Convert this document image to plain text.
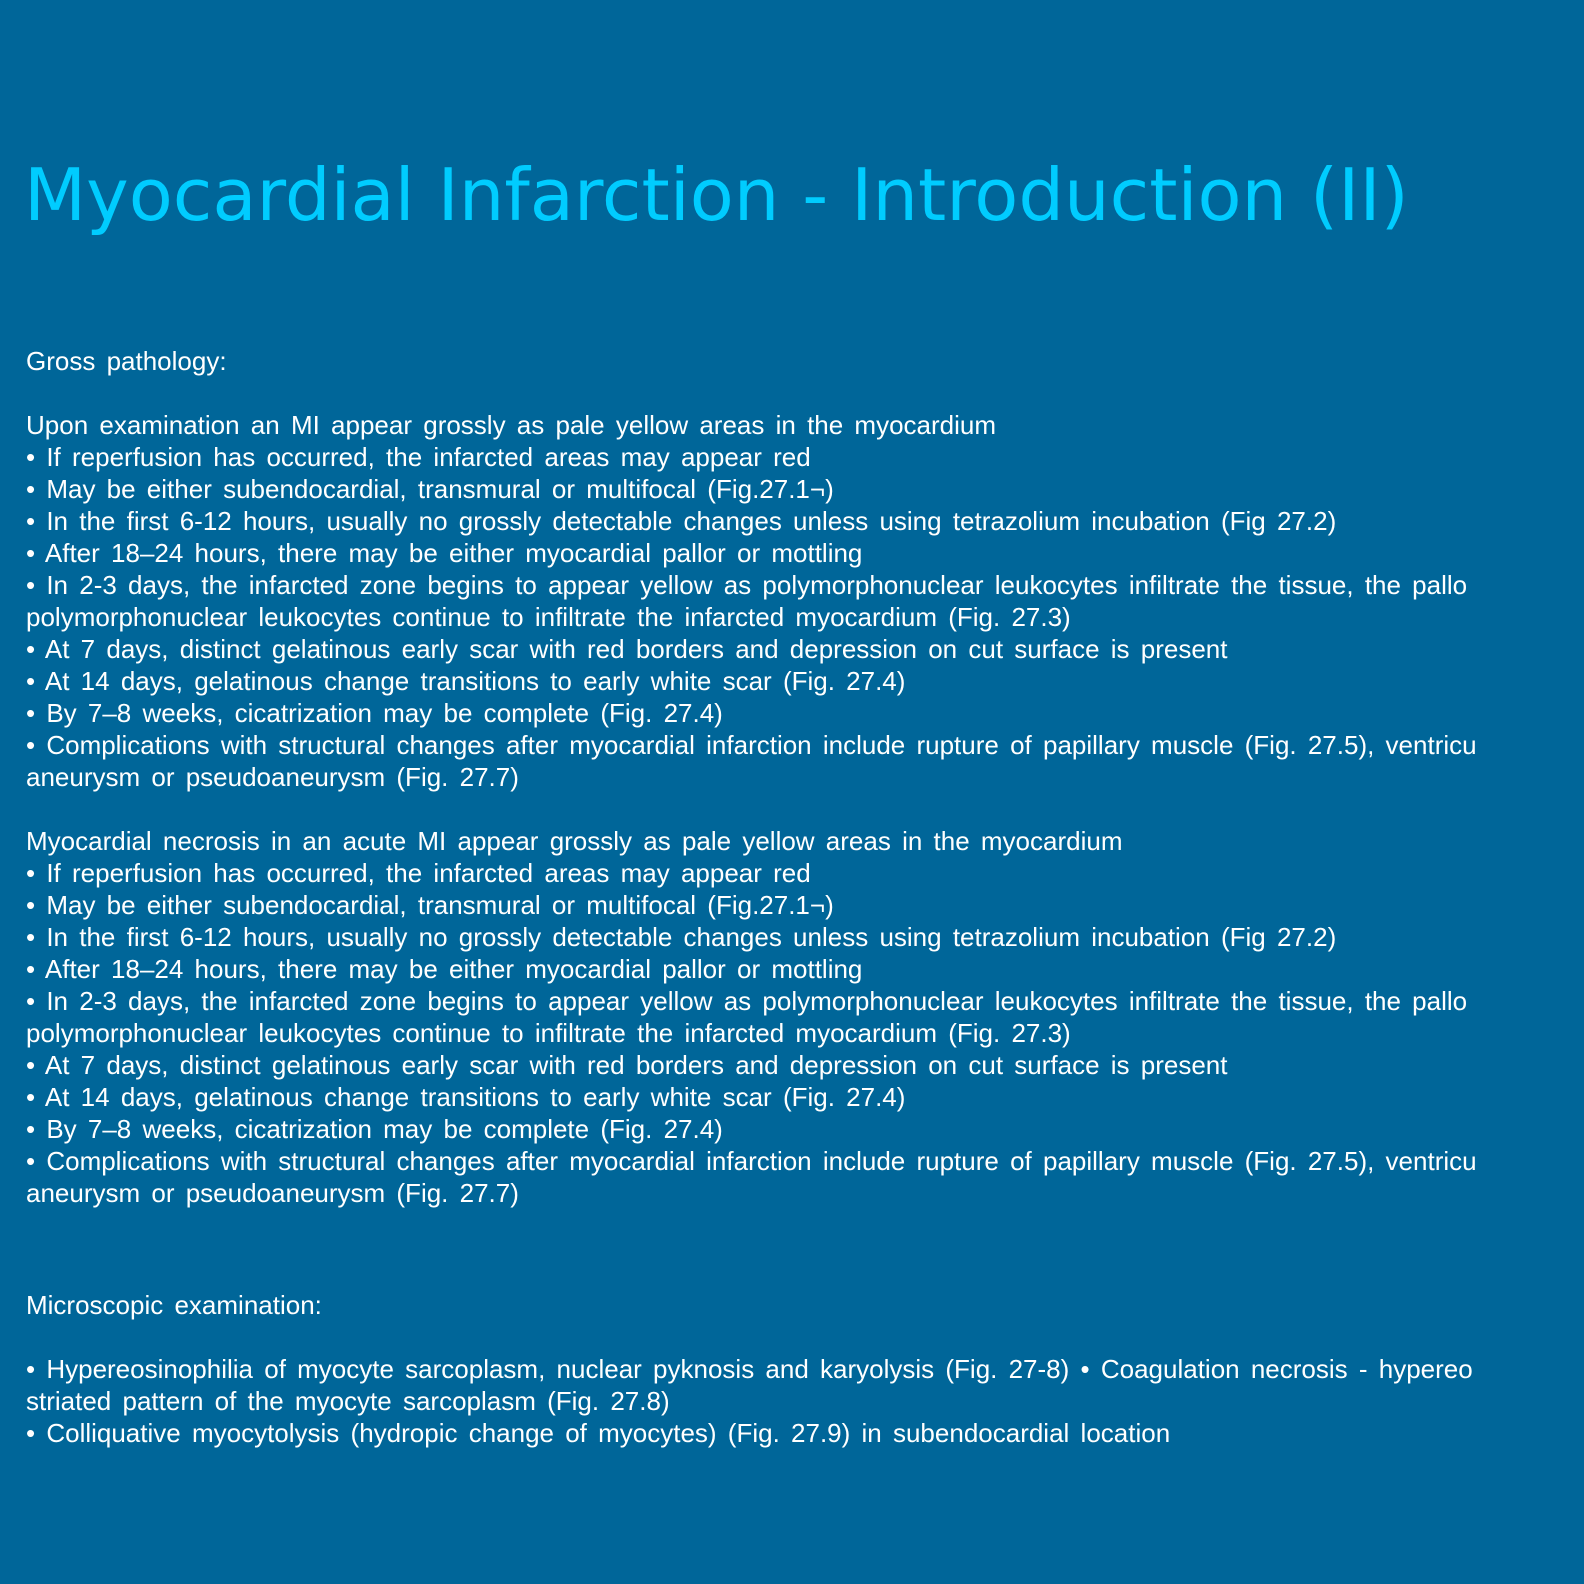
Myocardial Infarction - Introduction (II)
Gross pathology:
Upon examination an MI appear grossly as pale yellow areas in the myocardium
• If reperfusion has occurred, the infarcted areas may appear red
• May be either subendocardial, transmural or multifocal (Fig.27.1¬)
• In the first 6-12 hours, usually no grossly detectable changes unless using tetrazolium incubation (Fig 27.2)
• After 18–24 hours, there may be either myocardial pallor or mottling
• In 2-3 days, the infarcted zone begins to appear yellow as polymorphonuclear leukocytes infiltrate the tissue, the pallo
polymorphonuclear leukocytes continue to infiltrate the infarcted myocardium (Fig. 27.3)
• At 7 days, distinct gelatinous early scar with red borders and depression on cut surface is present
• At 14 days, gelatinous change transitions to early white scar (Fig. 27.4)
• By 7–8 weeks, cicatrization may be complete (Fig. 27.4)
• Complications with structural changes after myocardial infarction include rupture of papillary muscle (Fig. 27.5), ventricu
aneurysm or pseudoaneurysm (Fig. 27.7)
Myocardial necrosis in an acute MI appear grossly as pale yellow areas in the myocardium
• If reperfusion has occurred, the infarcted areas may appear red
• May be either subendocardial, transmural or multifocal (Fig.27.1¬)
• In the first 6-12 hours, usually no grossly detectable changes unless using tetrazolium incubation (Fig 27.2)
• After 18–24 hours, there may be either myocardial pallor or mottling
• In 2-3 days, the infarcted zone begins to appear yellow as polymorphonuclear leukocytes infiltrate the tissue, the pallo
polymorphonuclear leukocytes continue to infiltrate the infarcted myocardium (Fig. 27.3)
• At 7 days, distinct gelatinous early scar with red borders and depression on cut surface is present
• At 14 days, gelatinous change transitions to early white scar (Fig. 27.4)
• By 7–8 weeks, cicatrization may be complete (Fig. 27.4)
• Complications with structural changes after myocardial infarction include rupture of papillary muscle (Fig. 27.5), ventricu
aneurysm or pseudoaneurysm (Fig. 27.7)
Microscopic examination:
• Hypereosinophilia of myocyte sarcoplasm, nuclear pyknosis and karyolysis (Fig. 27-8) • Coagulation necrosis - hypereo
striated pattern of the myocyte sarcoplasm (Fig. 27.8)
• Colliquative myocytolysis (hydropic change of myocytes) (Fig. 27.9) in subendocardial location
